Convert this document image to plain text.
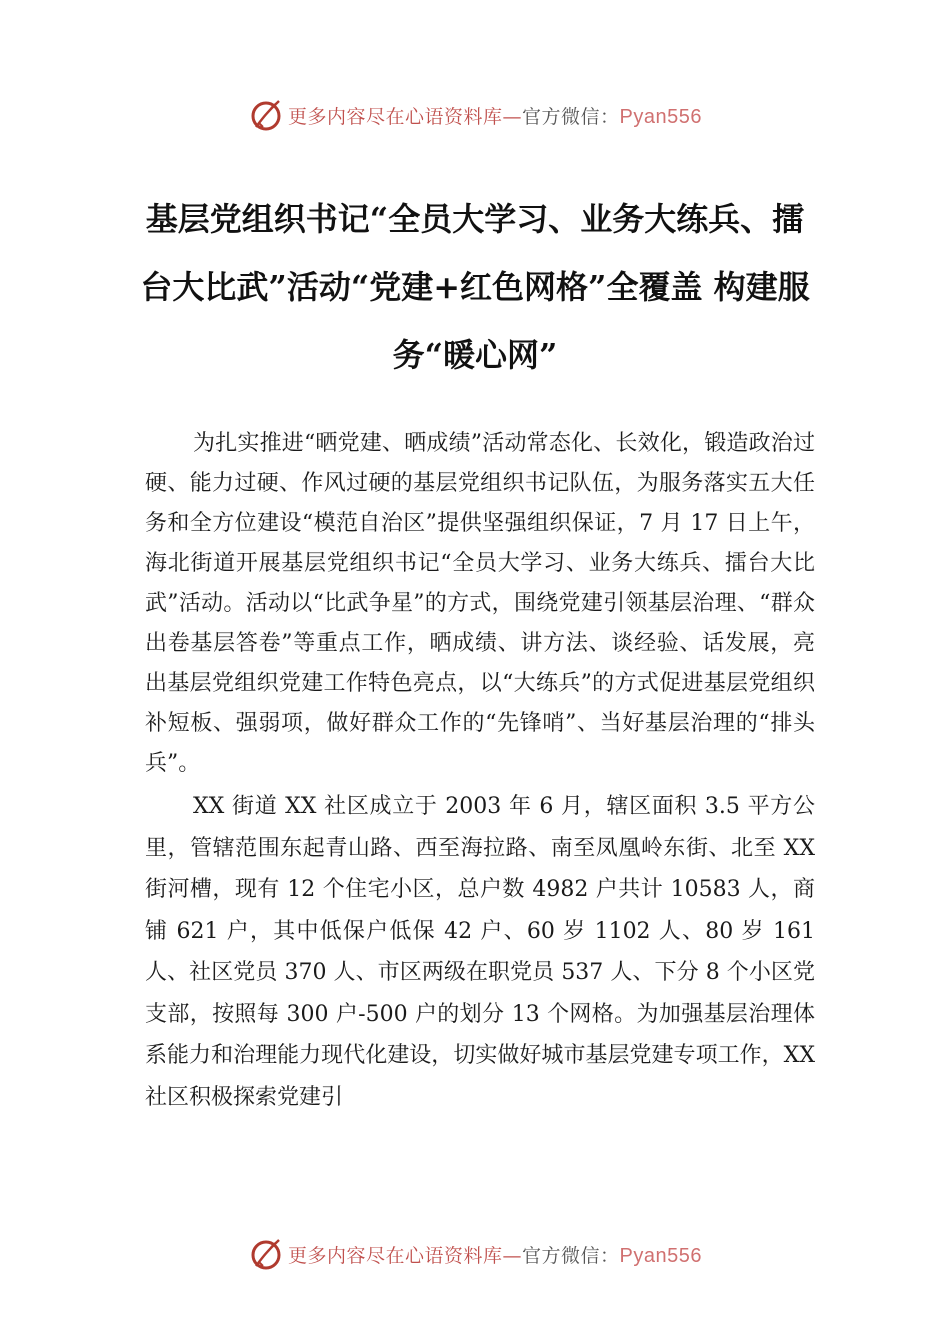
更多内容尽在心语资料库—官方微信：Pyan556
基层党组织书记“全员大学习、业务大练兵、擂台大比武”活动“党建+红色网格”全覆盖 构建服务“暖心网”

为扎实推进“晒党建、晒成绩”活动常态化、长效化，锻造政治过硬、能力过硬、作风过硬的基层党组织书记队伍，为服务落实五大任务和全方位建设“模范自治区”提供坚强组织保证，7 月 17 日上午，海北街道开展基层党组织书记“全员大学习、业务大练兵、擂台大比武”活动。活动以“比武争星”的方式，围绕党建引领基层治理、“群众出卷基层答卷”等重点工作，晒成绩、讲方法、谈经验、话发展，亮出基层党组织党建工作特色亮点，以“大练兵”的方式促进基层党组织补短板、强弱项，做好群众工作的“先锋哨”、当好基层治理的“排头兵”。

XX 街道 XX 社区成立于 2003 年 6 月，辖区面积 3.5 平方公里，管辖范围东起青山路、西至海拉路、南至凤凰岭东街、北至 XX 街河槽，现有 12 个住宅小区，总户数 4982 户共计 10583 人，商铺 621 户，其中低保户低保 42 户、60 岁 1102 人、80 岁 161 人、社区党员 370 人、市区两级在职党员 537 人、下分 8 个小区党支部，按照每 300 户-500 户的划分 13 个网格。为加强基层治理体系能力和治理能力现代化建设，切实做好城市基层党建专项工作，XX 社区积极探索党建引

更多内容尽在心语资料库—官方微信：Pyan556
